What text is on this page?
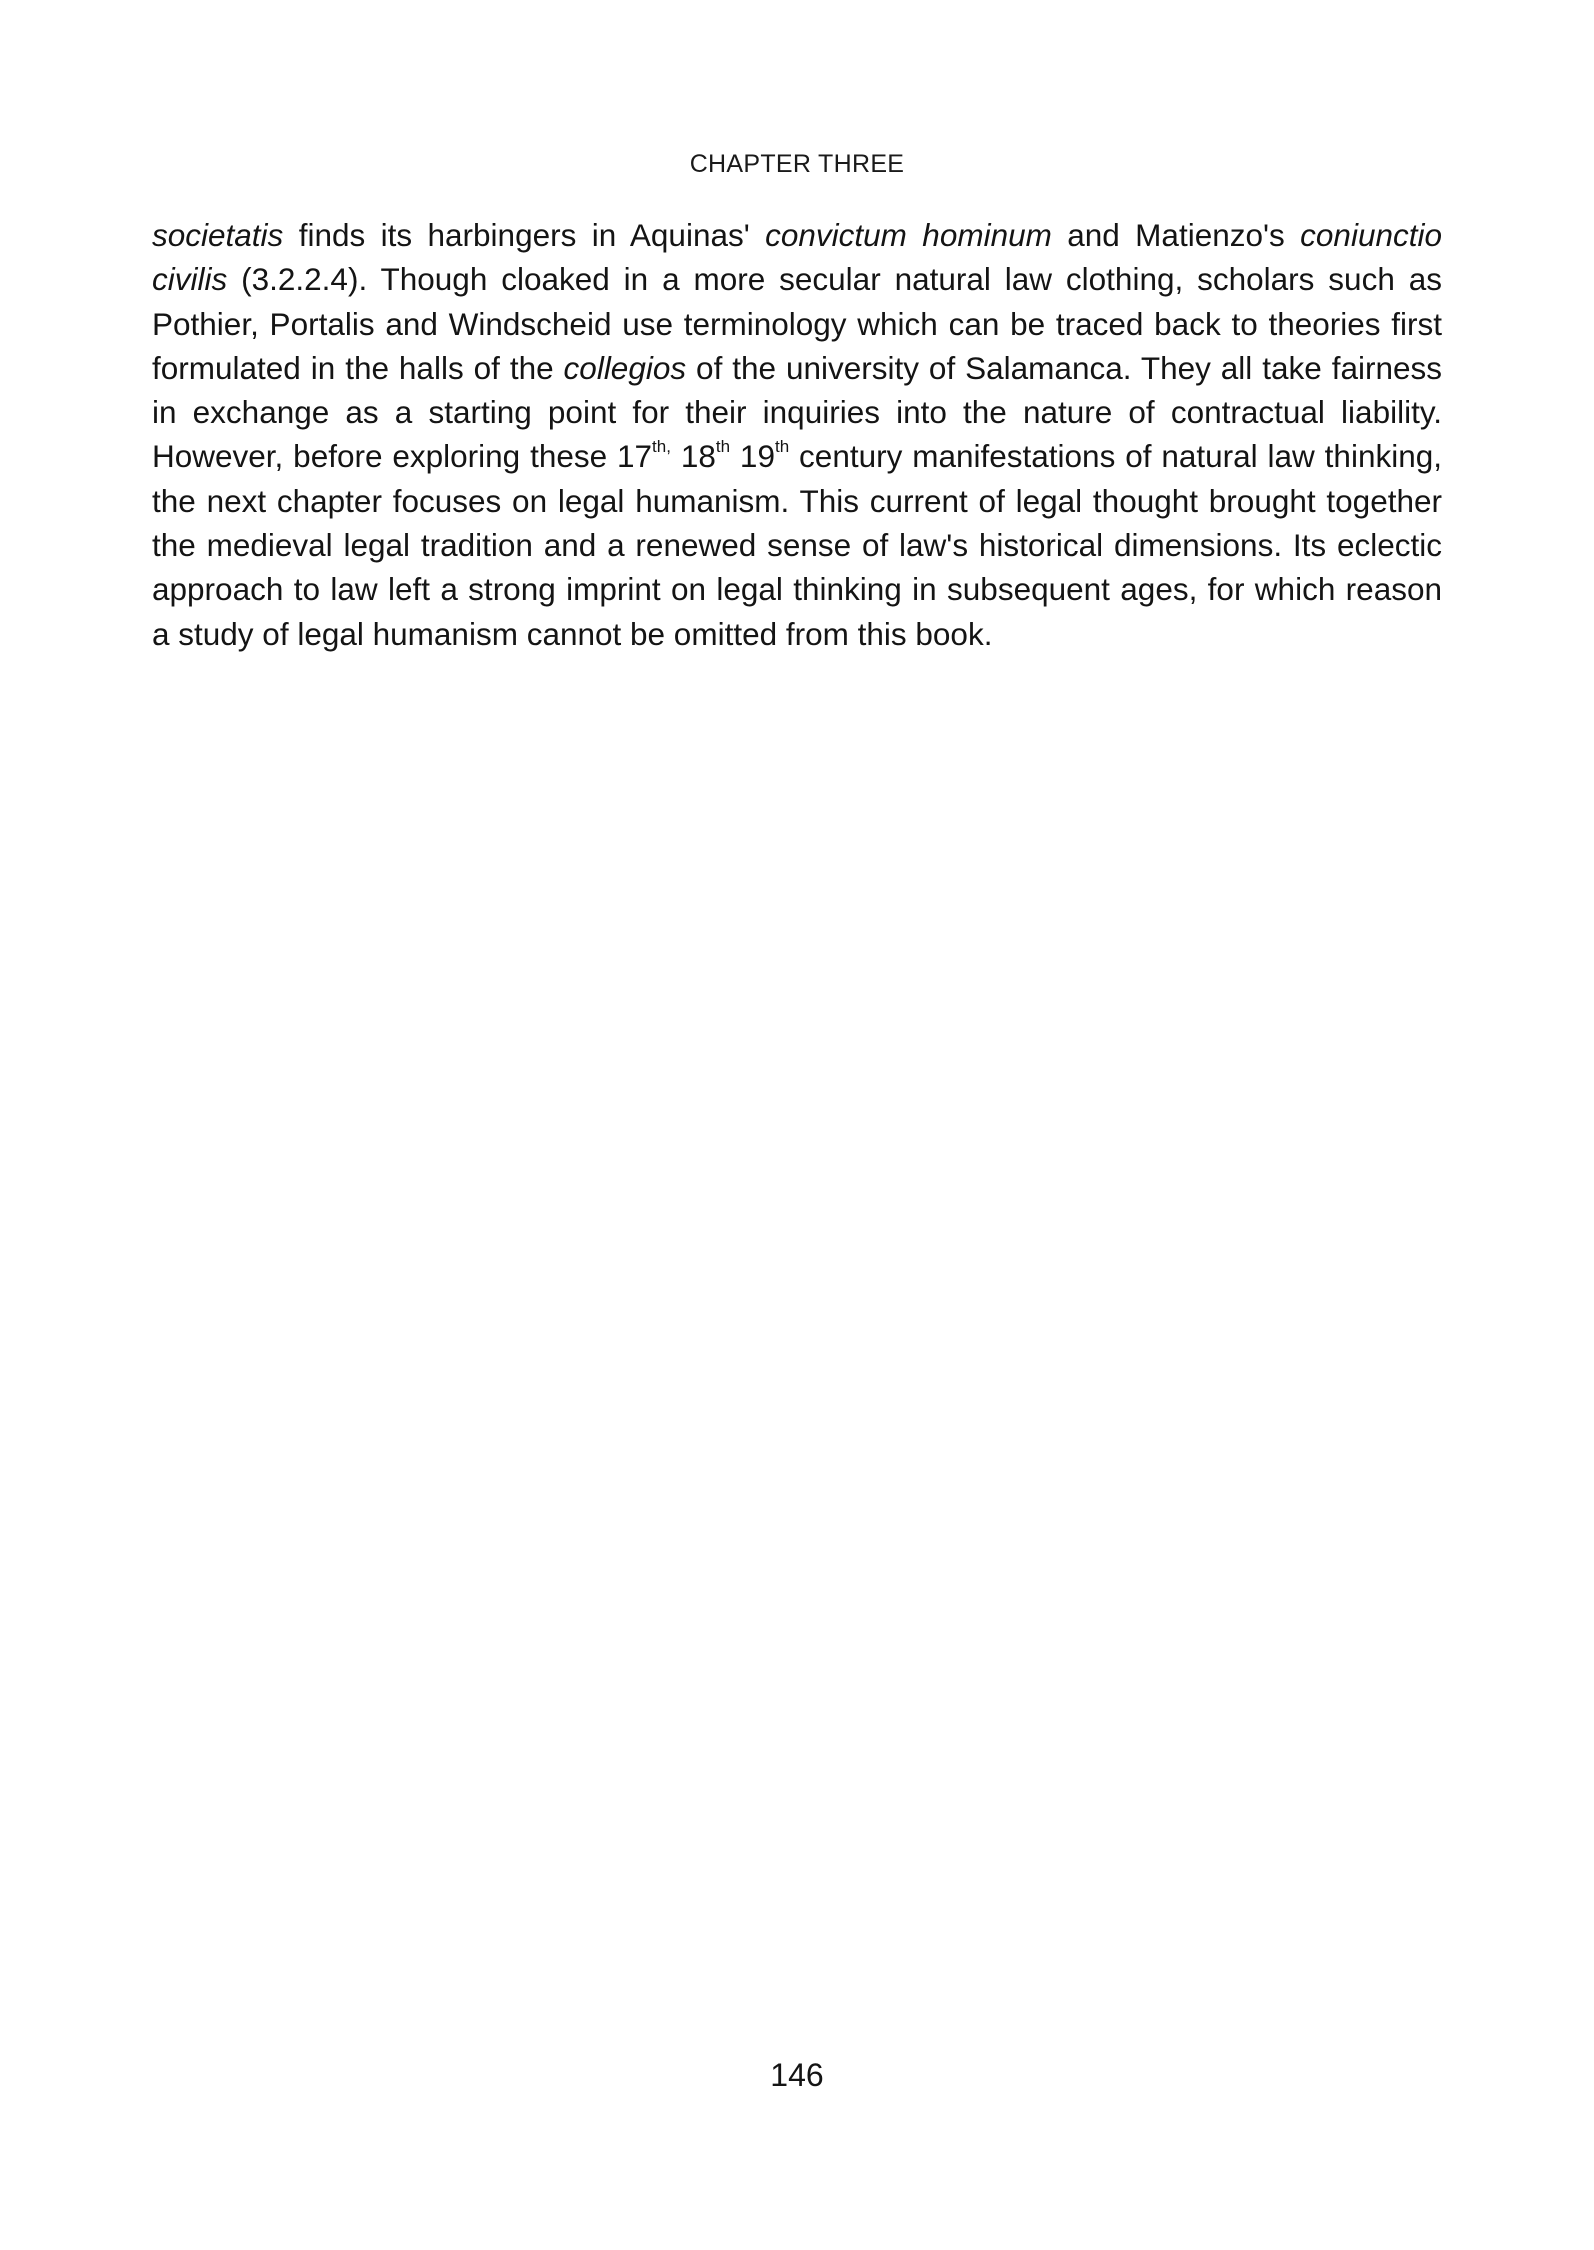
CHAPTER THREE

societatis finds its harbingers in Aquinas' convictum hominum and Matienzo's coniunctio civilis (3.2.2.4). Though cloaked in a more secular natural law clothing, scholars such as Pothier, Portalis and Windscheid use terminology which can be traced back to theories first formulated in the halls of the collegios of the university of Salamanca. They all take fairness in exchange as a starting point for their inquiries into the nature of contractual liability. However, before exploring these $17^{th,}$ 18th 19th century manifestations of natural law thinking, the next chapter focuses on legal humanism. This current of legal thought brought together the medieval legal tradition and a renewed sense of law's historical dimensions. Its eclectic approach to law left a strong imprint on legal thinking in subsequent ages, for which reason a study of legal humanism cannot be omitted from this book.

146
